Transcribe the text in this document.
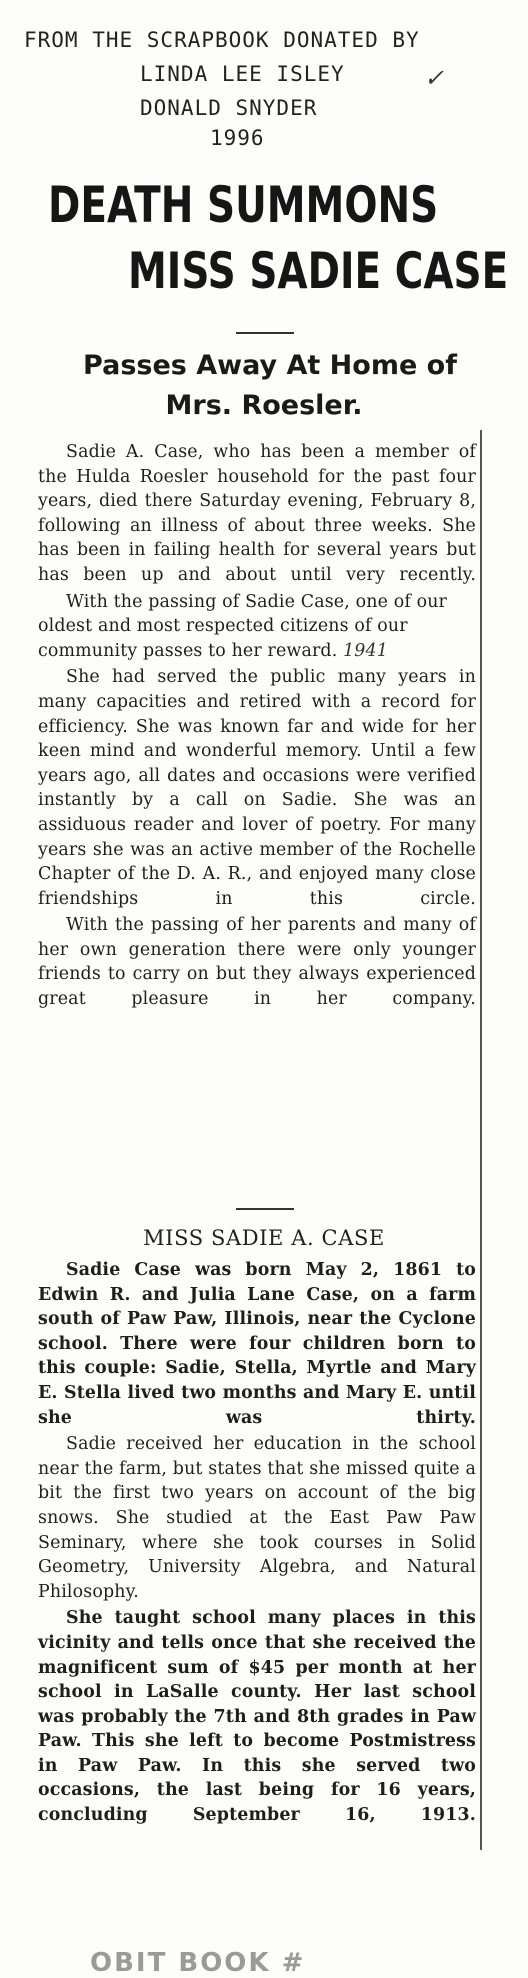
FROM THE SCRAPBOOK DONATED BY
LINDA LEE ISLEY	✓
DONALD SNYDER
1996
DEATH SUMMONS
MISS SADIE CASE
Passes Away At Home of
Mrs. Roesler.

Sadie A. Case, who has been a member of the Hulda Roesler household for the past four years, died there Saturday evening, February 8, following an illness of about three weeks. She has been in failing health for several years but has been up and about until very recently.

With the passing of Sadie Case, one of our oldest and most respected citizens of our community passes to her reward. 1941

She had served the public many years in many capacities and retired with a record for efficiency. She was known far and wide for her keen mind and wonderful memory. Until a few years ago, all dates and occasions were verified instantly by a call on Sadie. She was an assiduous reader and lover of poetry. For many years she was an active member of the Rochelle Chapter of the D. A. R., and enjoyed many close friendships in this circle.

With the passing of her parents and many of her own generation there were only younger friends to carry on but they always experienced great pleasure in her company.

MISS SADIE A. CASE

Sadie Case was born May 2, 1861 to Edwin R. and Julia Lane Case, on a farm south of Paw Paw, Illinois, near the Cyclone school. There were four children born to this couple: Sadie, Stella, Myrtle and Mary E. Stella lived two months and Mary E. until she was thirty.

Sadie received her education in the school near the farm, but states that she missed quite a bit the first two years on account of the big snows. She studied at the East Paw Paw Seminary, where she took courses in Solid Geometry, University Algebra, and Natural Philosophy.

She taught school many places in this vicinity and tells once that she received the magnificent sum of $45 per month at her school in LaSalle county. Her last school was probably the 7th and 8th grades in Paw Paw. This she left to become Postmistress in Paw Paw. In this she served two occasions, the last being for 16 years, concluding September 16, 1913.

OBIT BOOK #
